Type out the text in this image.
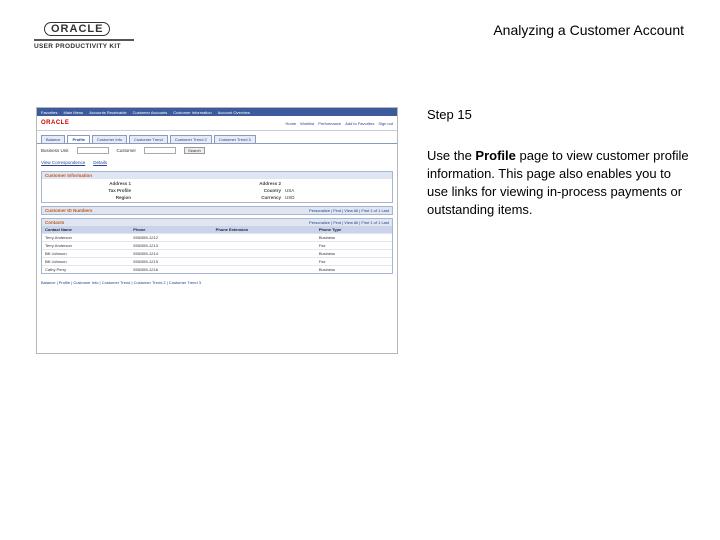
ORACLE
USER PRODUCTIVITY KIT
Analyzing a Customer Account
Favorites Main Menu Accounts Receivable Customer Accounts Customer Information Account Overview
ORACLE	Home Worklist Performance Add to Favorites Sign out
Balance	Profile	Customer Info	Customer Trend	Customer Trend 2	Customer Trend 3
Business Unit	Customer	Search
View Correspondence Details
Customer Information
Address 1	Address 2
Tax Profile	Country USA
Region	Currency USD
Customer ID Numbers	Personalize | Find | View All | First 1 of 1 Last
Contacts	Personalize | Find | View All | First 1 of 1 Last
Contact Name	Phone	Phone Extension	Phone Type
Terry Anderson	555/555-1212		Business
Terry Anderson	555/555-1213		Fax
Bill Johnson	555/555-1214		Business
Bill Johnson	555/555-1215		Fax
Cathy Perry	555/555-1216		Business
Balance | Profile | Customer Info | Customer Trend | Customer Trend 2 | Customer Trend 3
Step 15
Use the Profile page to view customer profile information. This page also enables you to use links for viewing in-process payments or outstanding items.
